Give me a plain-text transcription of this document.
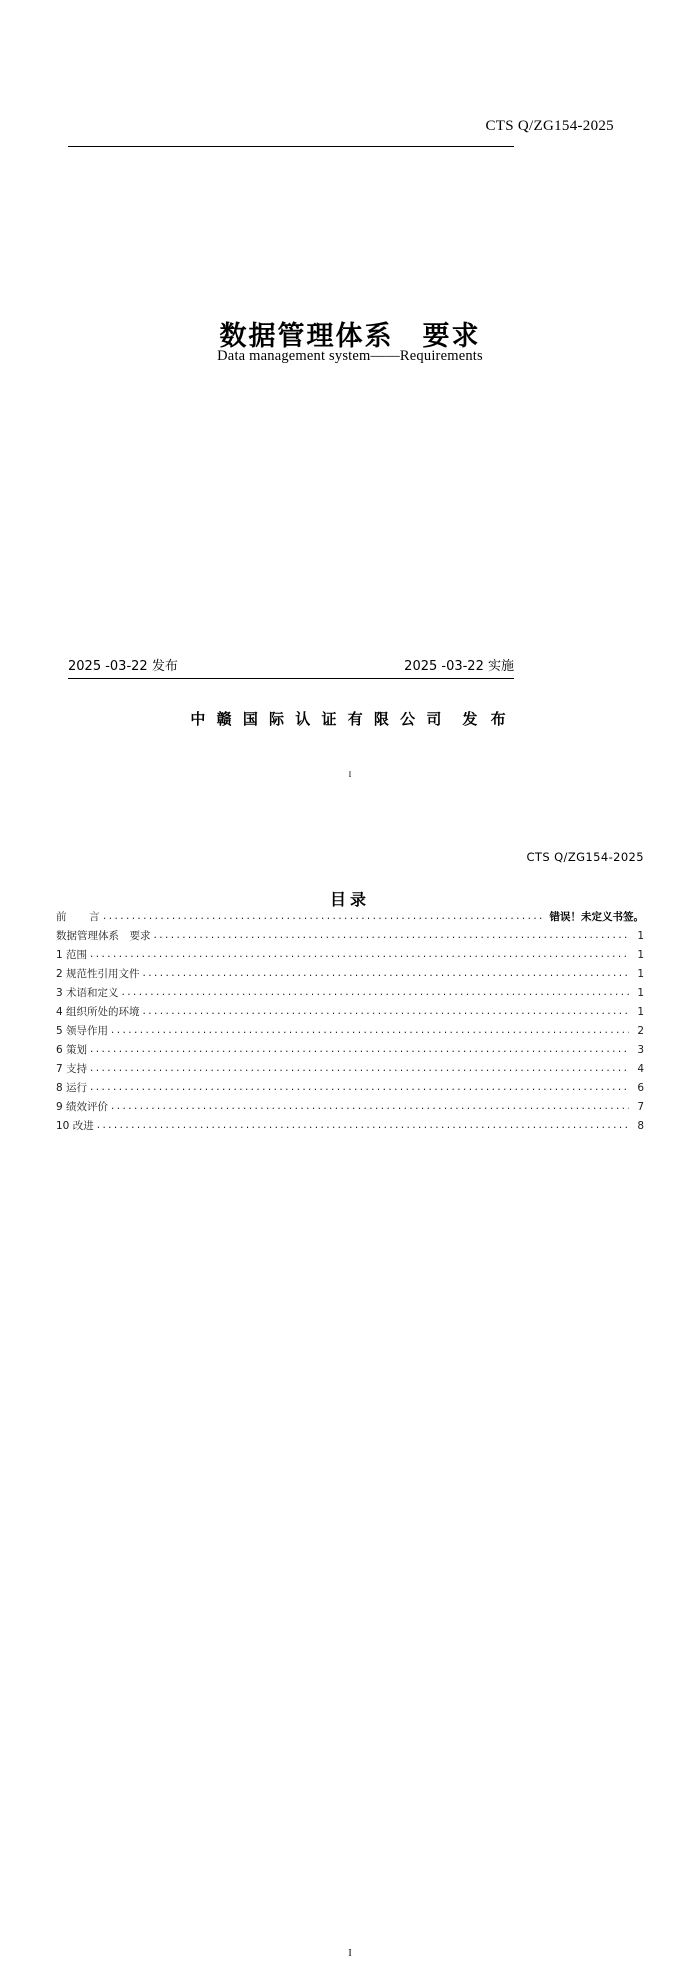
CTS Q/ZG154-2025
数据管理体系　要求
Data management system——Requirements
2025 -03-22 发布	2025 -03-22 实施
中 赣 国 际 认 证 有 限 公 司 发 布
I
CTS Q/ZG154-2025
目录
前　　言 .....	错误！未定义书签。
数据管理体系　要求 .....	1
1 范围 .....	1
2 规范性引用文件 .....	1
3 术语和定义 .....	1
4 组织所处的环境 .....	1
5 领导作用 .....	2
6 策划 .....	3
7 支持 .....	4
8 运行 .....	6
9 绩效评价 .....	7
10 改进 .....	8
I
